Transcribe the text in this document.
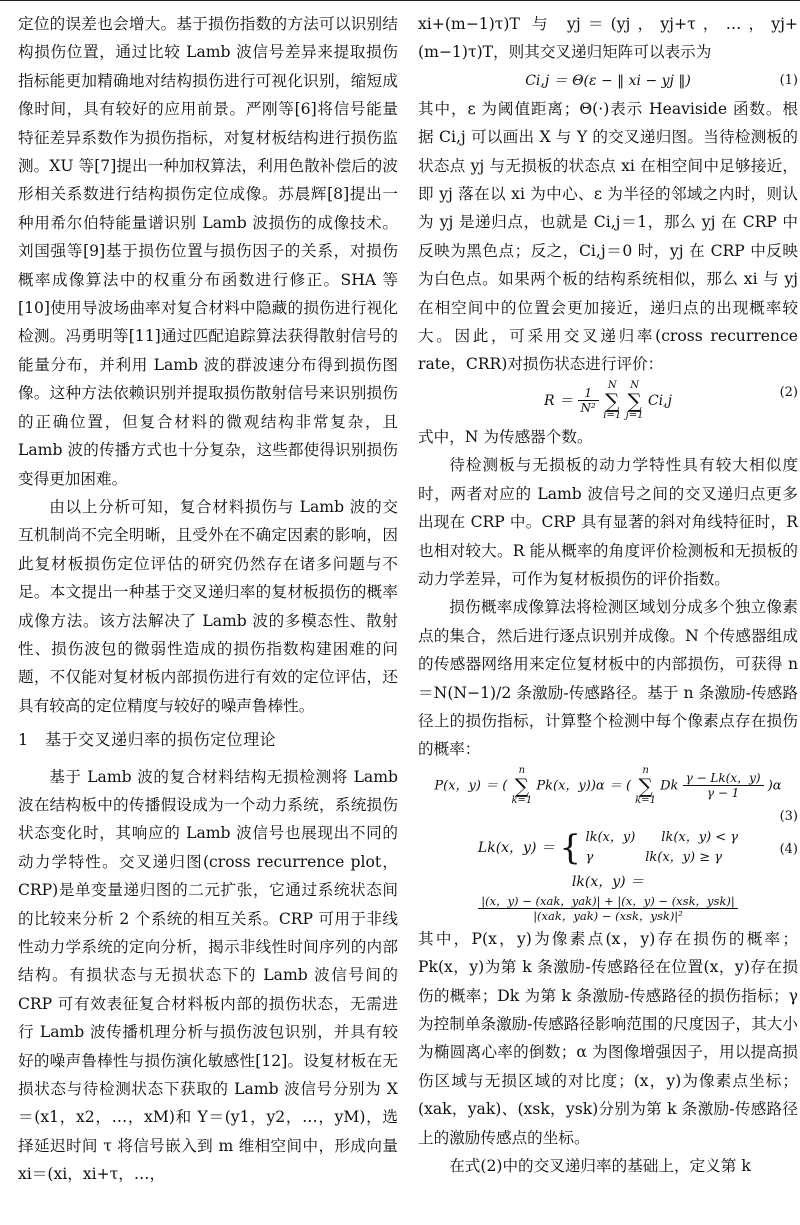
定位的误差也会增大。基于损伤指数的方法可以识别结构损伤位置，通过比较 Lamb 波信号差异来提取损伤指标能更加精确地对结构损伤进行可视化识别，缩短成像时间，具有较好的应用前景。严刚等[6]将信号能量特征差异系数作为损伤指标，对复材板结构进行损伤监测。XU 等[7]提出一种加权算法，利用色散补偿后的波形相关系数进行结构损伤定位成像。苏晨辉[8]提出一种用希尔伯特能量谱识别 Lamb 波损伤的成像技术。刘国强等[9]基于损伤位置与损伤因子的关系，对损伤概率成像算法中的权重分布函数进行修正。SHA 等[10]使用导波场曲率对复合材料中隐藏的损伤进行视化检测。冯勇明等[11]通过匹配追踪算法获得散射信号的能量分布，并利用 Lamb 波的群波速分布得到损伤图像。这种方法依赖识别并提取损伤散射信号来识别损伤的正确位置，但复合材料的微观结构非常复杂，且 Lamb 波的传播方式也十分复杂，这些都使得识别损伤变得更加困难。

由以上分析可知，复合材料损伤与 Lamb 波的交互机制尚不完全明晰，且受外在不确定因素的影响，因此复材板损伤定位评估的研究仍然存在诸多问题与不足。本文提出一种基于交叉递归率的复材板损伤的概率成像方法。该方法解决了 Lamb 波的多模态性、散射性、损伤波包的微弱性造成的损伤指数构建困难的问题，不仅能对复材板内部损伤进行有效的定位评估，还具有较高的定位精度与较好的噪声鲁棒性。

1　基于交叉递归率的损伤定位理论

基于 Lamb 波的复合材料结构无损检测将 Lamb 波在结构板中的传播假设成为一个动力系统，系统损伤状态变化时，其响应的 Lamb 波信号也展现出不同的动力学特性。交叉递归图(cross recurrence plot，CRP)是单变量递归图的二元扩张，它通过系统状态间的比较来分析 2 个系统的相互关系。CRP 可用于非线性动力学系统的定向分析，揭示非线性时间序列的内部结构。有损状态与无损状态下的 Lamb 波信号间的 CRP 可有效表征复合材料板内部的损伤状态，无需进行 Lamb 波传播机理分析与损伤波包识别，并具有较好的噪声鲁棒性与损伤演化敏感性[12]。设复材板在无损状态与待检测状态下获取的 Lamb 波信号分别为 X＝(x1，x2，…，xM)和 Y＝(y1，y2，…，yM)，选择延迟时间 τ 将信号嵌入到 m 维相空间中，形成向量 xi＝(xi，xi+τ，…，

xi+(m−1)τ)T 与 yj＝(yj，yj+τ，…，yj+(m−1)τ)T，则其交叉递归矩阵可以表示为

Ci,j ＝ Θ(ε − ‖ xi − yj ‖)	(1)

其中，ε 为阈值距离；Θ(·)表示 Heaviside 函数。根据 Ci,j 可以画出 X 与 Y 的交叉递归图。当待检测板的状态点 yj 与无损板的状态点 xi 在相空间中足够接近，即 yj 落在以 xi 为中心、ε 为半径的邻域之内时，则认为 yj 是递归点，也就是 Ci,j＝1，那么 yj 在 CRP 中反映为黑色点；反之，Ci,j＝0 时，yj 在 CRP 中反映为白色点。如果两个板的结构系统相似，那么 xi 与 yj 在相空间中的位置会更加接近，递归点的出现概率较大。因此，可采用交叉递归率(cross recurrence rate，CRR)对损伤状态进行评价：

$R = \frac{1}{\text{N²}}$
N
∑
i=1 N
∑
j=1 Ci,j
(2)

式中，N 为传感器个数。

待检测板与无损板的动力学特性具有较大相似度时，两者对应的 Lamb 波信号之间的交叉递归点更多出现在 CRP 中。CRP 具有显著的斜对角线特征时，R 也相对较大。R 能从概率的角度评价检测板和无损板的动力学差异，可作为复材板损伤的评价指数。

损伤概率成像算法将检测区域划分成多个独立像素点的集合，然后进行逐点识别并成像。N 个传感器组成的传感器网络用来定位复材板中的内部损伤，可获得 n＝N(N−1)/2 条激励-传感路径。基于 n 条激励-传感路径上的损伤指标，计算整个检测中每个像素点存在损伤的概率：

P(x，y) ＝ ( n
∑
k=1 Pk(x，y))α ＝ ( n
∑
k=1 Dk $\frac{\gamma - Lk(x,y)}{\gamma - 1} )\alpha$
(3)
Lk(x，y) ＝ { lk(x，y)　　lk(x，y) < γ
γ　　　　lk(x，y) ≥ γ
(4)
lk(x，y) ＝
$\frac{\text{|(x，y) − (xak，yak)| + |(x，y) − (xsk，ysk)|}}{\text{|(xak，yak) − (xsk，ysk)|²}}$

其中，P(x，y)为像素点(x，y)存在损伤的概率；Pk(x，y)为第 k 条激励-传感路径在位置(x，y)存在损伤的概率；Dk 为第 k 条激励-传感路径的损伤指标；γ 为控制单条激励-传感路径影响范围的尺度因子，其大小为椭圆离心率的倒数；α 为图像增强因子，用以提高损伤区域与无损区域的对比度；(x，y)为像素点坐标；(xak，yak)、(xsk，ysk)分别为第 k 条激励-传感路径上的激励传感点的坐标。

在式(2)中的交叉递归率的基础上，定义第 k
